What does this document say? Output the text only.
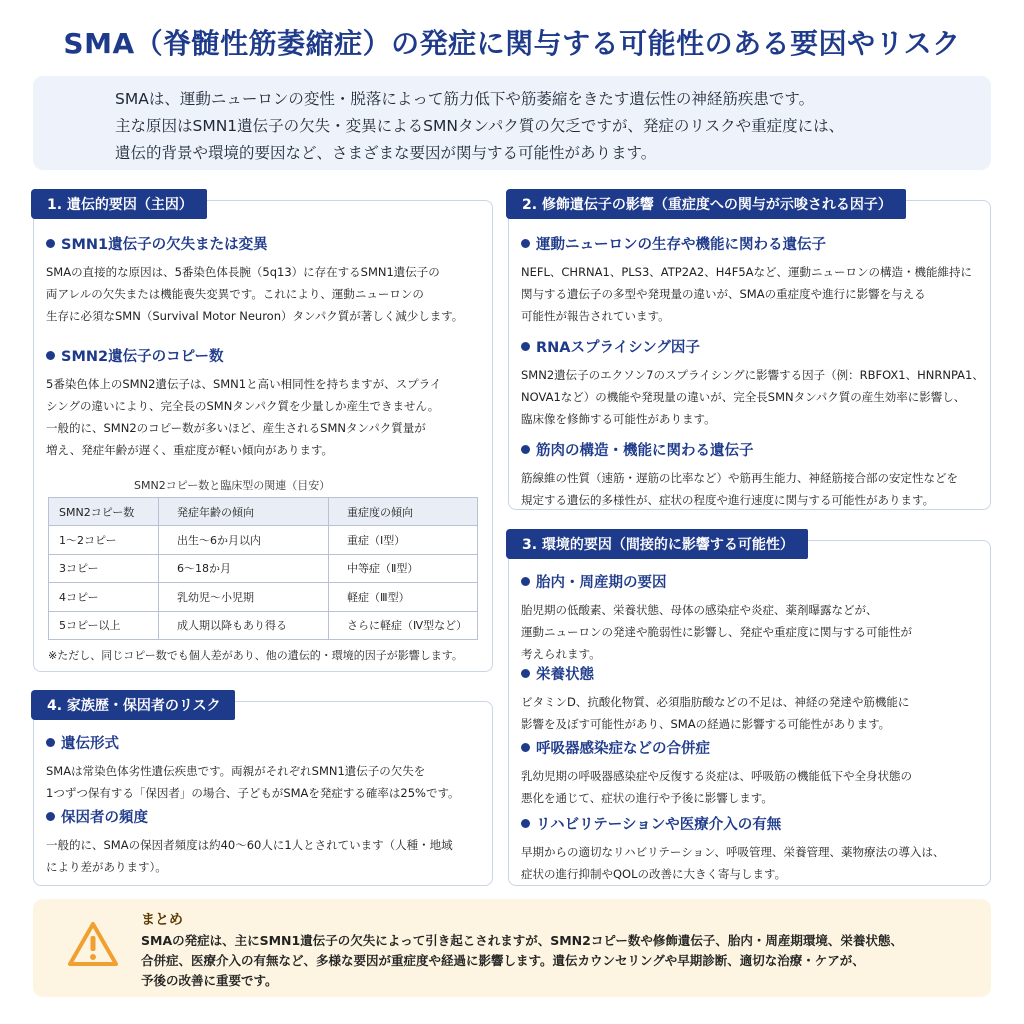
SMA（脊髄性筋萎縮症）の発症に関与する可能性のある要因やリスク

SMAは、運動ニューロンの変性・脱落によって筋力低下や筋萎縮をきたす遺伝性の神経筋疾患です。

主な原因はSMN1遺伝子の欠失・変異によるSMNタンパク質の欠乏ですが、発症のリスクや重症度には、

遺伝的背景や環境的要因など、さまざまな要因が関与する可能性があります。

1. 遺伝的要因（主因）
SMN1遺伝子の欠失または変異
SMAの直接的な原因は、5番染色体長腕（5q13）に存在するSMN1遺伝子の
両アレルの欠失または機能喪失変異です。これにより、運動ニューロンの
生存に必須なSMN（Survival Motor Neuron）タンパク質が著しく減少します。
SMN2遺伝子のコピー数
5番染色体上のSMN2遺伝子は、SMN1と高い相同性を持ちますが、スプライ
シングの違いにより、完全長のSMNタンパク質を少量しか産生できません。
一般的に、SMN2のコピー数が多いほど、産生されるSMNタンパク質量が
増え、発症年齢が遅く、重症度が軽い傾向があります。
SMN2コピー数と臨床型の関連（目安）
SMN2コピー数	発症年齢の傾向	重症度の傾向
1〜2コピー	出生〜6か月以内	重症（Ⅰ型）
3コピー	6〜18か月	中等症（Ⅱ型）
4コピー	乳幼児〜小児期	軽症（Ⅲ型）
5コピー以上	成人期以降もあり得る	さらに軽症（Ⅳ型など）
※ただし、同じコピー数でも個人差があり、他の遺伝的・環境的因子が影響します。
2. 修飾遺伝子の影響（重症度への関与が示唆される因子）
運動ニューロンの生存や機能に関わる遺伝子
NEFL、CHRNA1、PLS3、ATP2A2、H4F5Aなど、運動ニューロンの構造・機能維持に
関与する遺伝子の多型や発現量の違いが、SMAの重症度や進行に影響を与える
可能性が報告されています。
RNAスプライシング因子
SMN2遺伝子のエクソン7のスプライシングに影響する因子（例：RBFOX1、HNRNPA1、
NOVA1など）の機能や発現量の違いが、完全長SMNタンパク質の産生効率に影響し、
臨床像を修飾する可能性があります。
筋肉の構造・機能に関わる遺伝子
筋線維の性質（速筋・遅筋の比率など）や筋再生能力、神経筋接合部の安定性などを
規定する遺伝的多様性が、症状の程度や進行速度に関与する可能性があります。
3. 環境的要因（間接的に影響する可能性）
胎内・周産期の要因
胎児期の低酸素、栄養状態、母体の感染症や炎症、薬剤曝露などが、
運動ニューロンの発達や脆弱性に影響し、発症や重症度に関与する可能性が
考えられます。
栄養状態
ビタミンD、抗酸化物質、必須脂肪酸などの不足は、神経の発達や筋機能に
影響を及ぼす可能性があり、SMAの経過に影響する可能性があります。
呼吸器感染症などの合併症
乳幼児期の呼吸器感染症や反復する炎症は、呼吸筋の機能低下や全身状態の
悪化を通じて、症状の進行や予後に影響します。
リハビリテーションや医療介入の有無
早期からの適切なリハビリテーション、呼吸管理、栄養管理、薬物療法の導入は、
症状の進行抑制やQOLの改善に大きく寄与します。
4. 家族歴・保因者のリスク
遺伝形式
SMAは常染色体劣性遺伝疾患です。両親がそれぞれSMN1遺伝子の欠失を
1つずつ保有する「保因者」の場合、子どもがSMAを発症する確率は25%です。
保因者の頻度
一般的に、SMAの保因者頻度は約40〜60人に1人とされています（人種・地域
により差があります）。
まとめ
SMAの発症は、主にSMN1遺伝子の欠失によって引き起こされますが、SMN2コピー数や修飾遺伝子、胎内・周産期環境、栄養状態、
合併症、医療介入の有無など、多様な要因が重症度や経過に影響します。遺伝カウンセリングや早期診断、適切な治療・ケアが、
予後の改善に重要です。
